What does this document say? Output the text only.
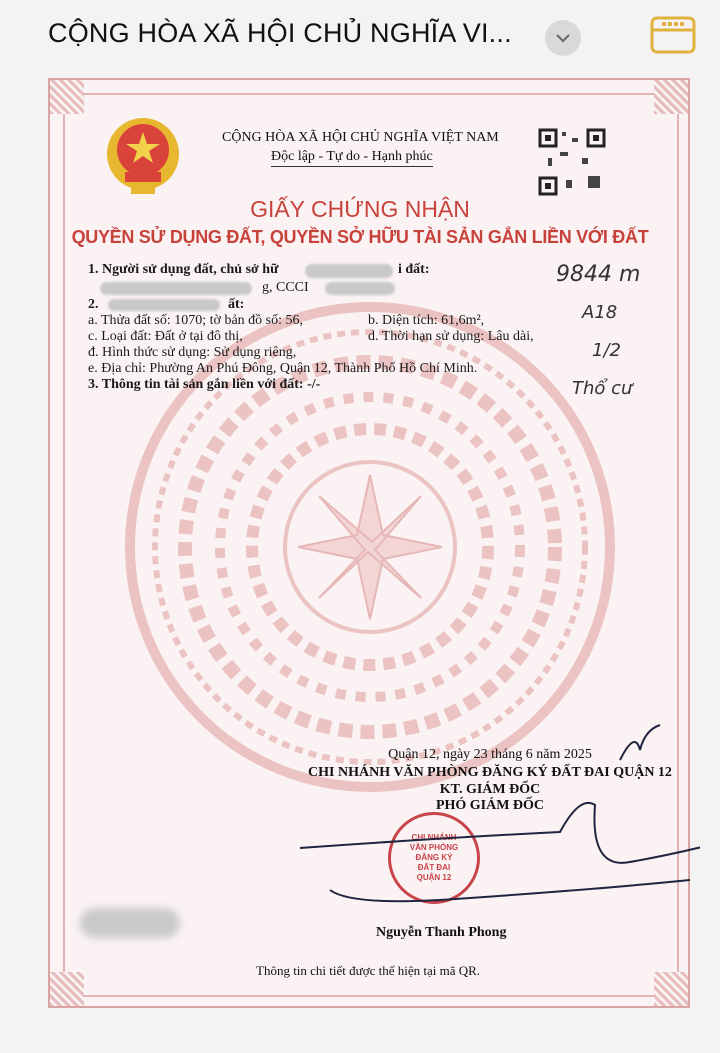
CỘNG HÒA XÃ HỘI CHỦ NGHĨA VI...
CỘNG HÒA XÃ HỘI CHỦ NGHĨA VIỆT NAM
Độc lập - Tự do - Hạnh phúc
GIẤY CHỨNG NHẬN
QUYỀN SỬ DỤNG ĐẤT, QUYỀN SỞ HỮU TÀI SẢN GẮN LIỀN VỚI ĐẤT
1. Người sử dụng đất, chủ sở hữ	i đất:
g, CCCI
2.	ất:
a. Thửa đất số: 1070; tờ bản đồ số: 56,	b. Diện tích: 61,6m²,
c. Loại đất: Đất ở tại đô thị,	d. Thời hạn sử dụng: Lâu dài,
đ. Hình thức sử dụng: Sử dụng riêng,
e. Địa chỉ: Phường An Phú Đông, Quận 12, Thành Phố Hồ Chí Minh.
3. Thông tin tài sản gắn liền với đất: -/-
9844 m
A18
1/2
Thổ cư
Quận 12, ngày 23 tháng 6 năm 2025
CHI NHÁNH VĂN PHÒNG ĐĂNG KÝ ĐẤT ĐAI QUẬN 12
KT. GIÁM ĐỐC
PHÓ GIÁM ĐỐC
CHI NHÁNH
VĂN PHÒNG
ĐĂNG KÝ
ĐẤT ĐAI
QUẬN 12
Nguyễn Thanh Phong
Thông tin chi tiết được thể hiện tại mã QR.
